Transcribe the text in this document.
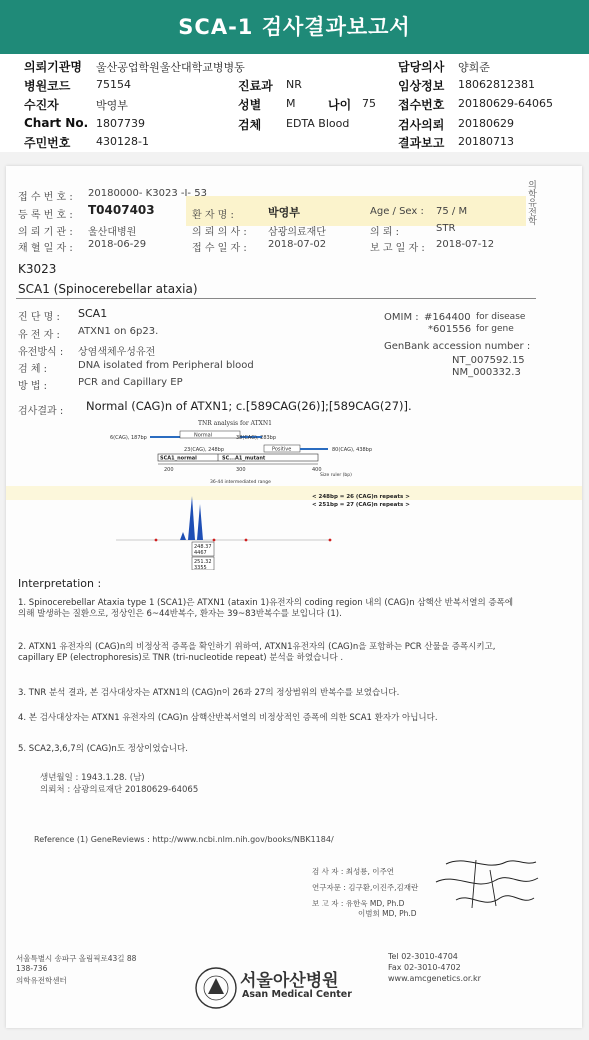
SCA-1 검사결과보고서
의뢰기관명 울산공업학원울산대학교병병동
병원코드 75154
수진자	박영부
Chart No. 1807739
주민번호 430128-1
진료과 NR
성별 M	나이 75
검체 EDTA Blood
담당의사 양희준
임상정보 18062812381
접수번호 20180629-64065
검사의뢰 20180629
결과보고 20180713
의학유전학
접 수 번 호 : 20180000- K3023 -I- 53
등 록 번 호 : T0407403	환 자 명 :	박영부	Age / Sex : 75 / M
의 뢰 기 관 : 울산대병원	의 뢰 의 사 : 삼광의료재단	의 뢰 :	STR
채 혈 일 자 : 2018-06-29	접 수 일 자 : 2018-07-02	보 고 일 자 : 2018-07-12
K3023
SCA1 (Spinocerebellar ataxia)
진 단 명 : SCA1
유 전 자 : ATXN1 on 6p23.
유전방식 : 상염색체우성유전
검 체 :	DNA isolated from Peripheral blood
방 법 :	PCR and Capillary EP
OMIM : #164400 for disease
*601556 for gene
GenBank accession number :
NT_007592.15
NM_000332.3
검사결과 : Normal (CAG)n of ATXN1; c.[589CAG(26)];[589CAG(27)].
TNR analysis for ATXN1
6(CAG), 187bp	Normal	38(CAG), 283bp
23(CAG), 248bp	Positive	80(CAG), 438bp
SCA1_normal	SC...A1_mutant
200	300	400
Size ruler (bp)
36-44 intermediated range
248.37
4467
251.32
3355
< 248bp = 26 (CAG)n repeats >
< 251bp = 27 (CAG)n repeats >
Interpretation :
1. Spinocerebellar Ataxia type 1 (SCA1)은 ATXN1 (ataxin 1)유전자의 coding region 내의 (CAG)n 삼핵산 반복서열의 증폭에 의해 발생하는 질환으로, 정상인은 6~44반복수, 환자는 39~83반복수를 보입니다 (1).
2. ATXN1 유전자의 (CAG)n의 비정상적 증폭을 확인하기 위하여, ATXN1유전자의 (CAG)n을 포함하는 PCR 산물을 증폭시키고, capillary EP (electrophoresis)로 TNR (tri-nucleotide repeat) 분석을 하였습니다 .
3. TNR 분석 결과, 본 검사대상자는 ATXN1의 (CAG)n이 26과 27의 정상범위의 반복수를 보였습니다.
4. 본 검사대상자는 ATXN1 유전자의 (CAG)n 삼핵산반복서열의 비정상적인 증폭에 의한 SCA1 환자가 아닙니다.
5. SCA2,3,6,7의 (CAG)n도 정상이었습니다.
생년월일 : 1943.1.28. (남)
의뢰처 : 삼광의료재단 20180629-64065
Reference (1) GeneReviews : http://www.ncbi.nlm.nih.gov/books/NBK1184/
검 사 자 : 최성룡, 이주연
연구자문 : 김구환,이진주,김재란
보 고 자 : 유한욱 MD, Ph.D
이범희 MD, Ph.D
서울특별시 송파구 올림픽로43길 88
138-736
의학유전학센터	서울아산병원
Asan Medical Center
Tel 02-3010-4704
Fax 02-3010-4702
www.amcgenetics.or.kr
